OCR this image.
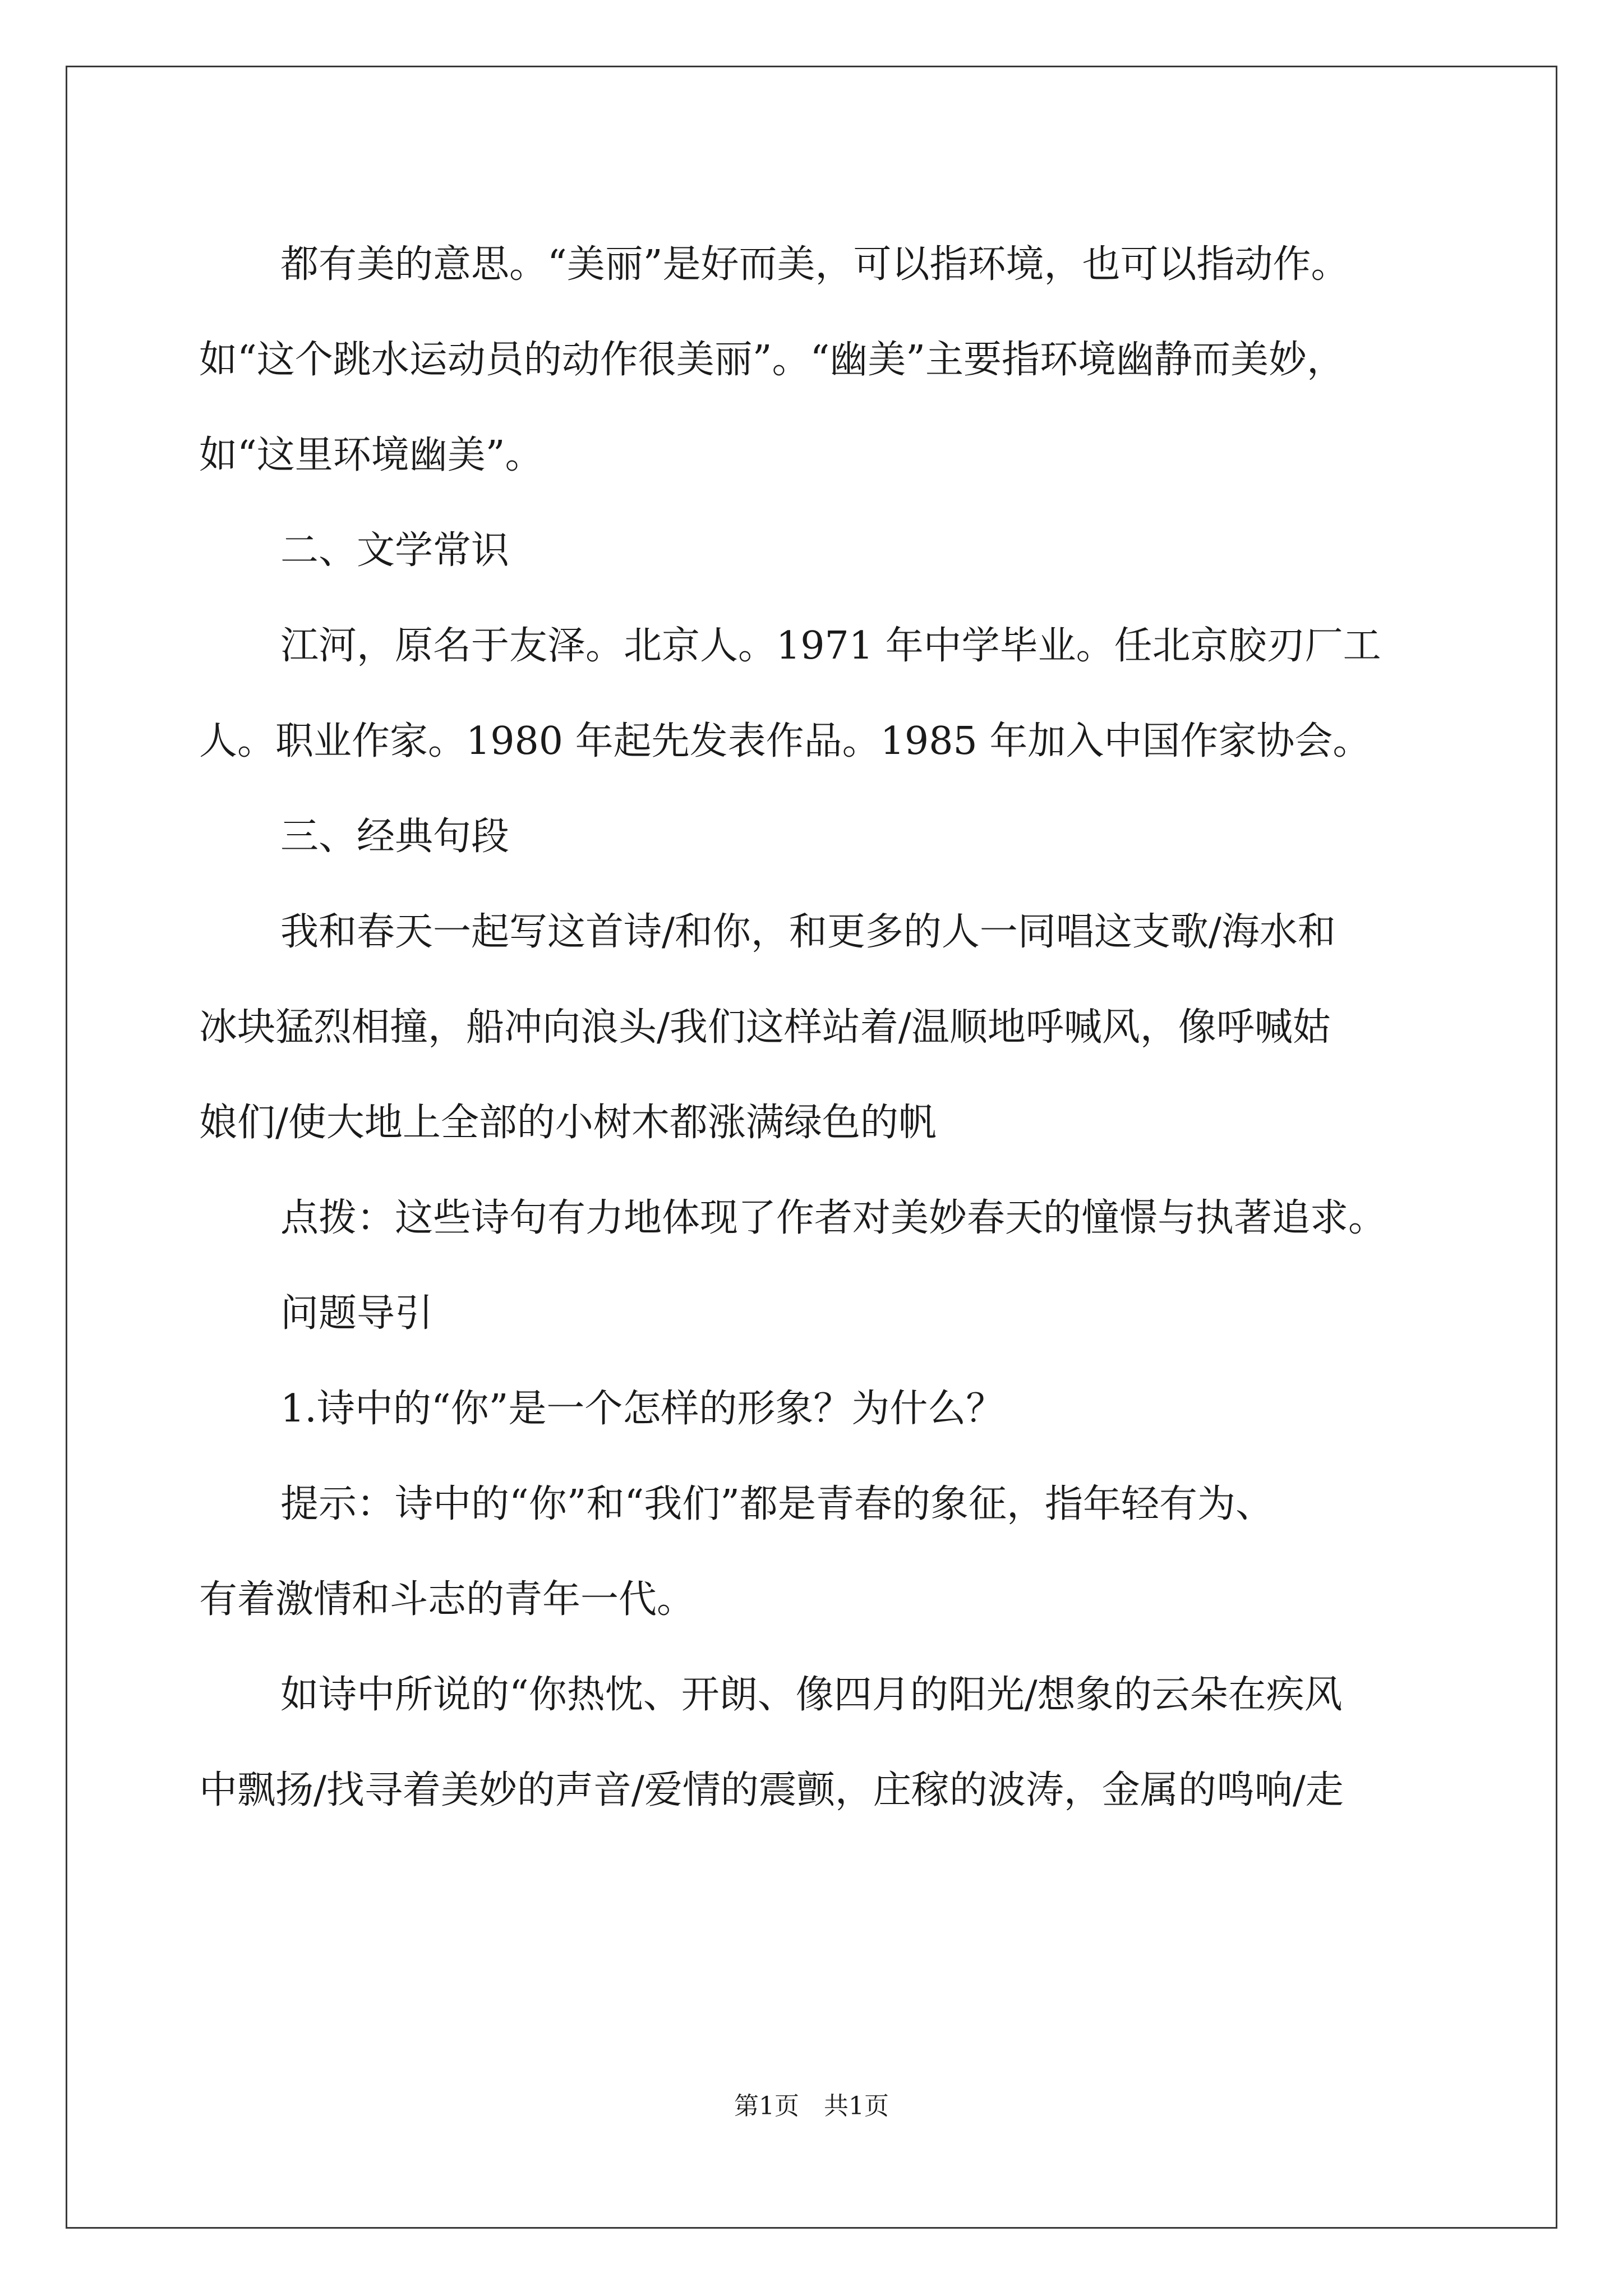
都有美的意思。“美丽”是好而美，可以指环境，也可以指动作。

如“这个跳水运动员的动作很美丽”。“幽美”主要指环境幽静而美妙，

如“这里环境幽美”。

二、文学常识

江河，原名于友泽。北京人。1971 年中学毕业。任北京胶刃厂工

人。职业作家。1980 年起先发表作品。1985 年加入中国作家协会。

三、经典句段

我和春天一起写这首诗/和你，和更多的人一同唱这支歌/海水和

冰块猛烈相撞，船冲向浪头/我们这样站着/温顺地呼喊风，像呼喊姑

娘们/使大地上全部的小树木都涨满绿色的帆

点拨：这些诗句有力地体现了作者对美妙春天的憧憬与执著追求。

问题导引

1.诗中的“你”是一个怎样的形象？为什么？

提示：诗中的“你”和“我们”都是青春的象征，指年轻有为、

有着激情和斗志的青年一代。

如诗中所说的“你热忱、开朗、像四月的阳光/想象的云朵在疾风

中飘扬/找寻着美妙的声音/爱情的震颤，庄稼的波涛，金属的鸣响/走

第1页　共1页
